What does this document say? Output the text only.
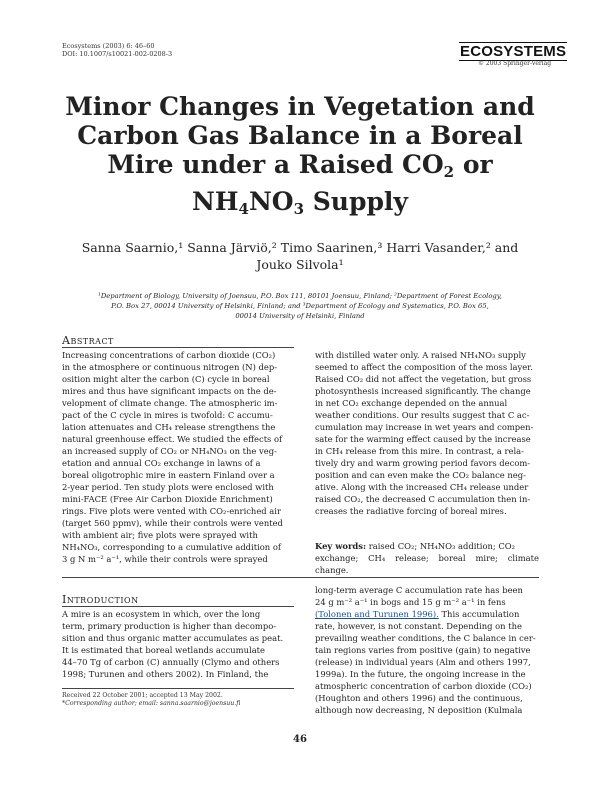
Ecosystems (2003) 6: 46–60
DOI: 10.1007/s10021-002-0208-3	ECOSYSTEMS
© 2003 Springer-Verlag
Minor Changes in Vegetation and
Carbon Gas Balance in a Boreal
Mire under a Raised CO2 or
NH4NO3 Supply
Sanna Saarnio,¹ Sanna Järviö,² Timo Saarinen,³ Harri Vasander,² and
Jouko Silvola¹
¹Department of Biology, University of Joensuu, P.O. Box 111, 80101 Joensuu, Finland; ²Department of Forest Ecology,
P.O. Box 27, 00014 University of Helsinki, Finland; and ³Department of Ecology and Systematics, P.O. Box 65,
00014 University of Helsinki, Finland
Abstract

Increasing concentrations of carbon dioxide (CO₂)

in the atmosphere or continuous nitrogen (N) dep-

osition might alter the carbon (C) cycle in boreal

mires and thus have significant impacts on the de-

velopment of climate change. The atmospheric im-

pact of the C cycle in mires is twofold: C accumu-

lation attenuates and CH₄ release strengthens the

natural greenhouse effect. We studied the effects of

an increased supply of CO₂ or NH₄NO₃ on the veg-

etation and annual CO₂ exchange in lawns of a

boreal oligotrophic mire in eastern Finland over a

2-year period. Ten study plots were enclosed with

mini-FACE (Free Air Carbon Dioxide Enrichment)

rings. Five plots were vented with CO₂-enriched air

(target 560 ppmv), while their controls were vented

with ambient air; five plots were sprayed with

NH₄NO₃, corresponding to a cumulative addition of

3 g N m⁻² a⁻¹, while their controls were sprayed

with distilled water only. A raised NH₄NO₃ supply

seemed to affect the composition of the moss layer.

Raised CO₂ did not affect the vegetation, but gross

photosynthesis increased significantly. The change

in net CO₂ exchange depended on the annual

weather conditions. Our results suggest that C ac-

cumulation may increase in wet years and compen-

sate for the warming effect caused by the increase

in CH₄ release from this mire. In contrast, a rela-

tively dry and warm growing period favors decom-

position and can even make the CO₂ balance neg-

ative. Along with the increased CH₄ release under

raised CO₂, the decreased C accumulation then in-

creases the radiative forcing of boreal mires.

Key words: raised CO₂; NH₄NO₃ addition; CO₂

exchange; CH₄ release; boreal mire; climate change.

Introduction

A mire is an ecosystem in which, over the long

term, primary production is higher than decompo-

sition and thus organic matter accumulates as peat.

It is estimated that boreal wetlands accumulate

44–70 Tg of carbon (C) annually (Clymo and others

1998; Turunen and others 2002). In Finland, the

Received 22 October 2001; accepted 13 May 2002.
*Corresponding author; email: sanna.saarnio@joensuu.fi

long-term average C accumulation rate has been

24 g m⁻² a⁻¹ in bogs and 15 g m⁻² a⁻¹ in fens

(Tolonen and Turunen 1996). This accumulation

rate, however, is not constant. Depending on the

prevailing weather conditions, the C balance in cer-

tain regions varies from positive (gain) to negative

(release) in individual years (Alm and others 1997,

1999a). In the future, the ongoing increase in the

atmospheric concentration of carbon dioxide (CO₂)

(Houghton and others 1996) and the continuous,

although now decreasing, N deposition (Kulmala

46
